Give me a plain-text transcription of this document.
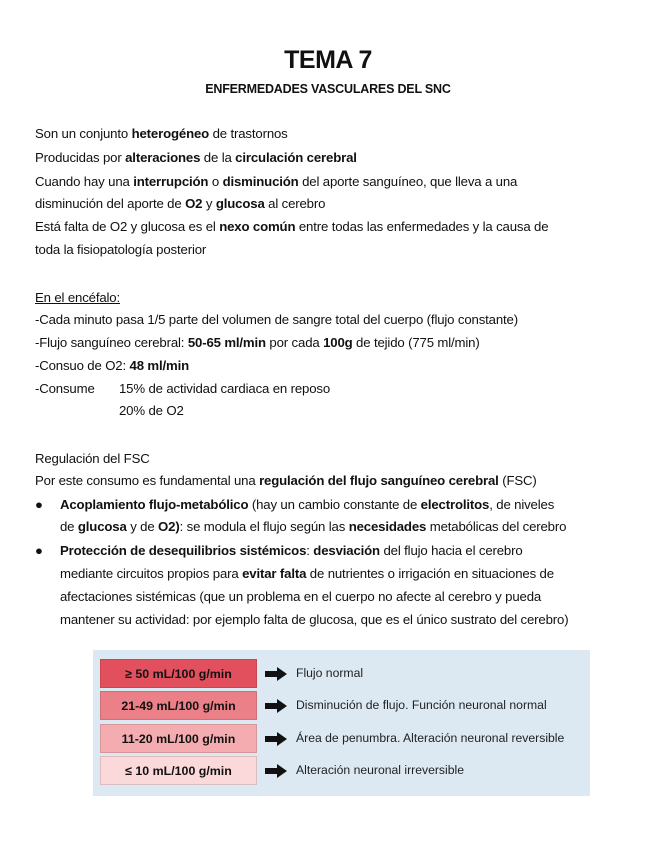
TEMA 7
ENFERMEDADES VASCULARES DEL SNC
Son un conjunto heterogéneo de trastornos
Producidas por alteraciones de la circulación cerebral
Cuando hay una interrupción o disminución del aporte sanguíneo, que lleva a una
disminución del aporte de O2 y glucosa al cerebro
Está falta de O2 y glucosa es el nexo común entre todas las enfermedades y la causa de
toda la fisiopatología posterior
En el encéfalo:
-Cada minuto pasa 1/5 parte del volumen de sangre total del cuerpo (flujo constante)
-Flujo sanguíneo cerebral: 50-65 ml/min por cada 100g de tejido (775 ml/min)
-Consuo de O2: 48 ml/min
-Consume 15% de actividad cardiaca en reposo
20% de O2
Regulación del FSC
Por este consumo es fundamental una regulación del flujo sanguíneo cerebral (FSC)
● Acoplamiento flujo-metabólico (hay un cambio constante de electrolitos, de niveles
de glucosa y de O2): se modula el flujo según las necesidades metabólicas del cerebro
● Protección de desequilibrios sistémicos: desviación del flujo hacia el cerebro
mediante circuitos propios para evitar falta de nutrientes o irrigación en situaciones de
afectaciones sistémicas (que un problema en el cuerpo no afecte al cerebro y pueda
mantener su actividad: por ejemplo falta de glucosa, que es el único sustrato del cerebro)
≥ 50 mL/100 g/min	Flujo normal
21-49 mL/100 g/min	Disminución de flujo. Función neuronal normal
11-20 mL/100 g/min	Área de penumbra. Alteración neuronal reversible
≤ 10 mL/100 g/min	Alteración neuronal irreversible
